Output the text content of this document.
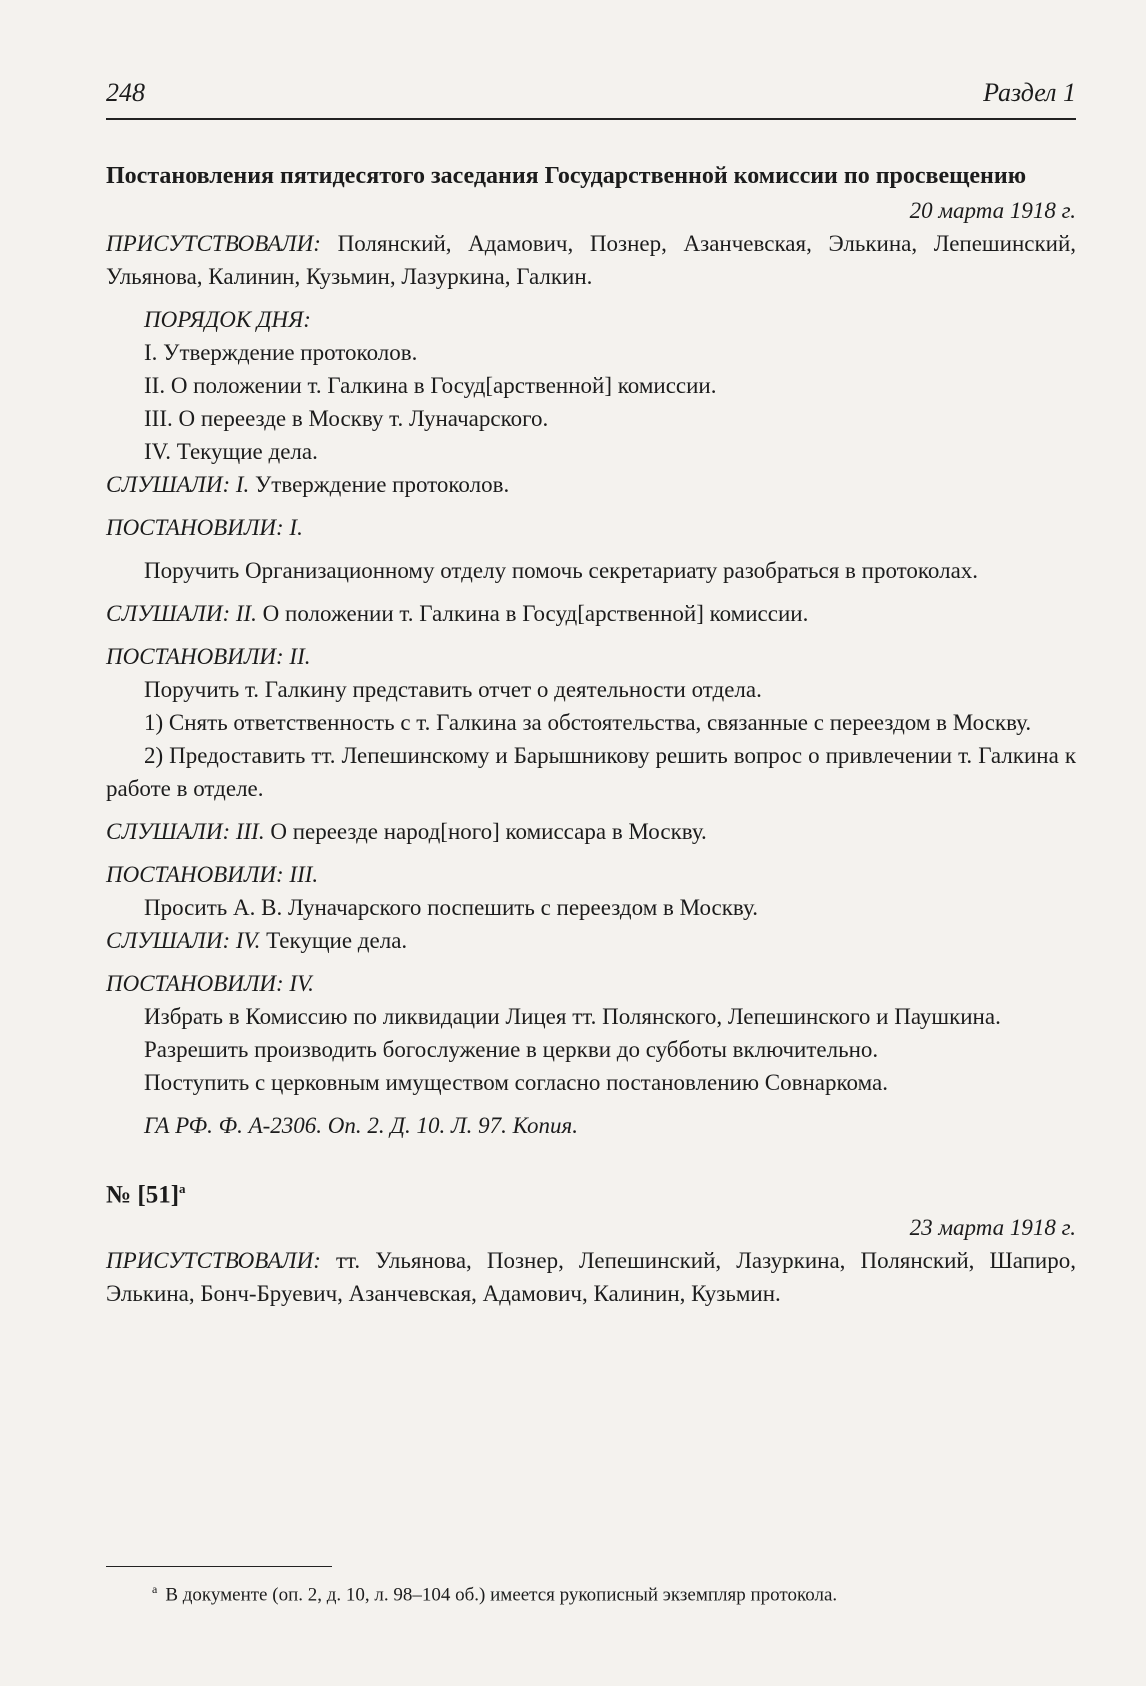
248	Раздел 1
Постановления пятидесятого заседания Государственной комиссии по просвещению
20 марта 1918 г.

ПРИСУТСТВОВАЛИ: Полянский, Адамович, Познер, Азанчевская, Элькина, Лепешинский, Ульянова, Калинин, Кузьмин, Лазуркина, Галкин.

ПОРЯДОК ДНЯ:

I. Утверждение протоколов.

II. О положении т. Галкина в Госуд[арственной] комиссии.

III. О переезде в Москву т. Луначарского.

IV. Текущие дела.

СЛУШАЛИ: I. Утверждение протоколов.

ПОСТАНОВИЛИ: I.

Поручить Организационному отделу помочь секретариату разобраться в протоколах.

СЛУШАЛИ: II. О положении т. Галкина в Госуд[арственной] комиссии.

ПОСТАНОВИЛИ: II.

Поручить т. Галкину представить отчет о деятельности отдела.

1) Снять ответственность с т. Галкина за обстоятельства, связанные с переездом в Москву.

2) Предоставить тт. Лепешинскому и Барышникову решить вопрос о привлечении т. Галкина к работе в отделе.

СЛУШАЛИ: III. О переезде народ[ного] комиссара в Москву.

ПОСТАНОВИЛИ: III.

Просить А. В. Луначарского поспешить с переездом в Москву.

СЛУШАЛИ: IV. Текущие дела.

ПОСТАНОВИЛИ: IV.

Избрать в Комиссию по ликвидации Лицея тт. Полянского, Лепешинского и Паушкина.

Разрешить производить богослужение в церкви до субботы включительно.

Поступить с церковным имуществом согласно постановлению Совнаркома.

ГА РФ. Ф. А-2306. Оп. 2. Д. 10. Л. 97. Копия.

№ $[51]^a$
23 марта 1918 г.

ПРИСУТСТВОВАЛИ: тт. Ульянова, Познер, Лепешинский, Лазуркина, Полянский, Шапиро, Элькина, Бонч-Бруевич, Азанчевская, Адамович, Калинин, Кузьмин.

$^a$ В документе (оп. 2, д. 10, л. 98–104 об.) имеется рукописный экземпляр протокола.
